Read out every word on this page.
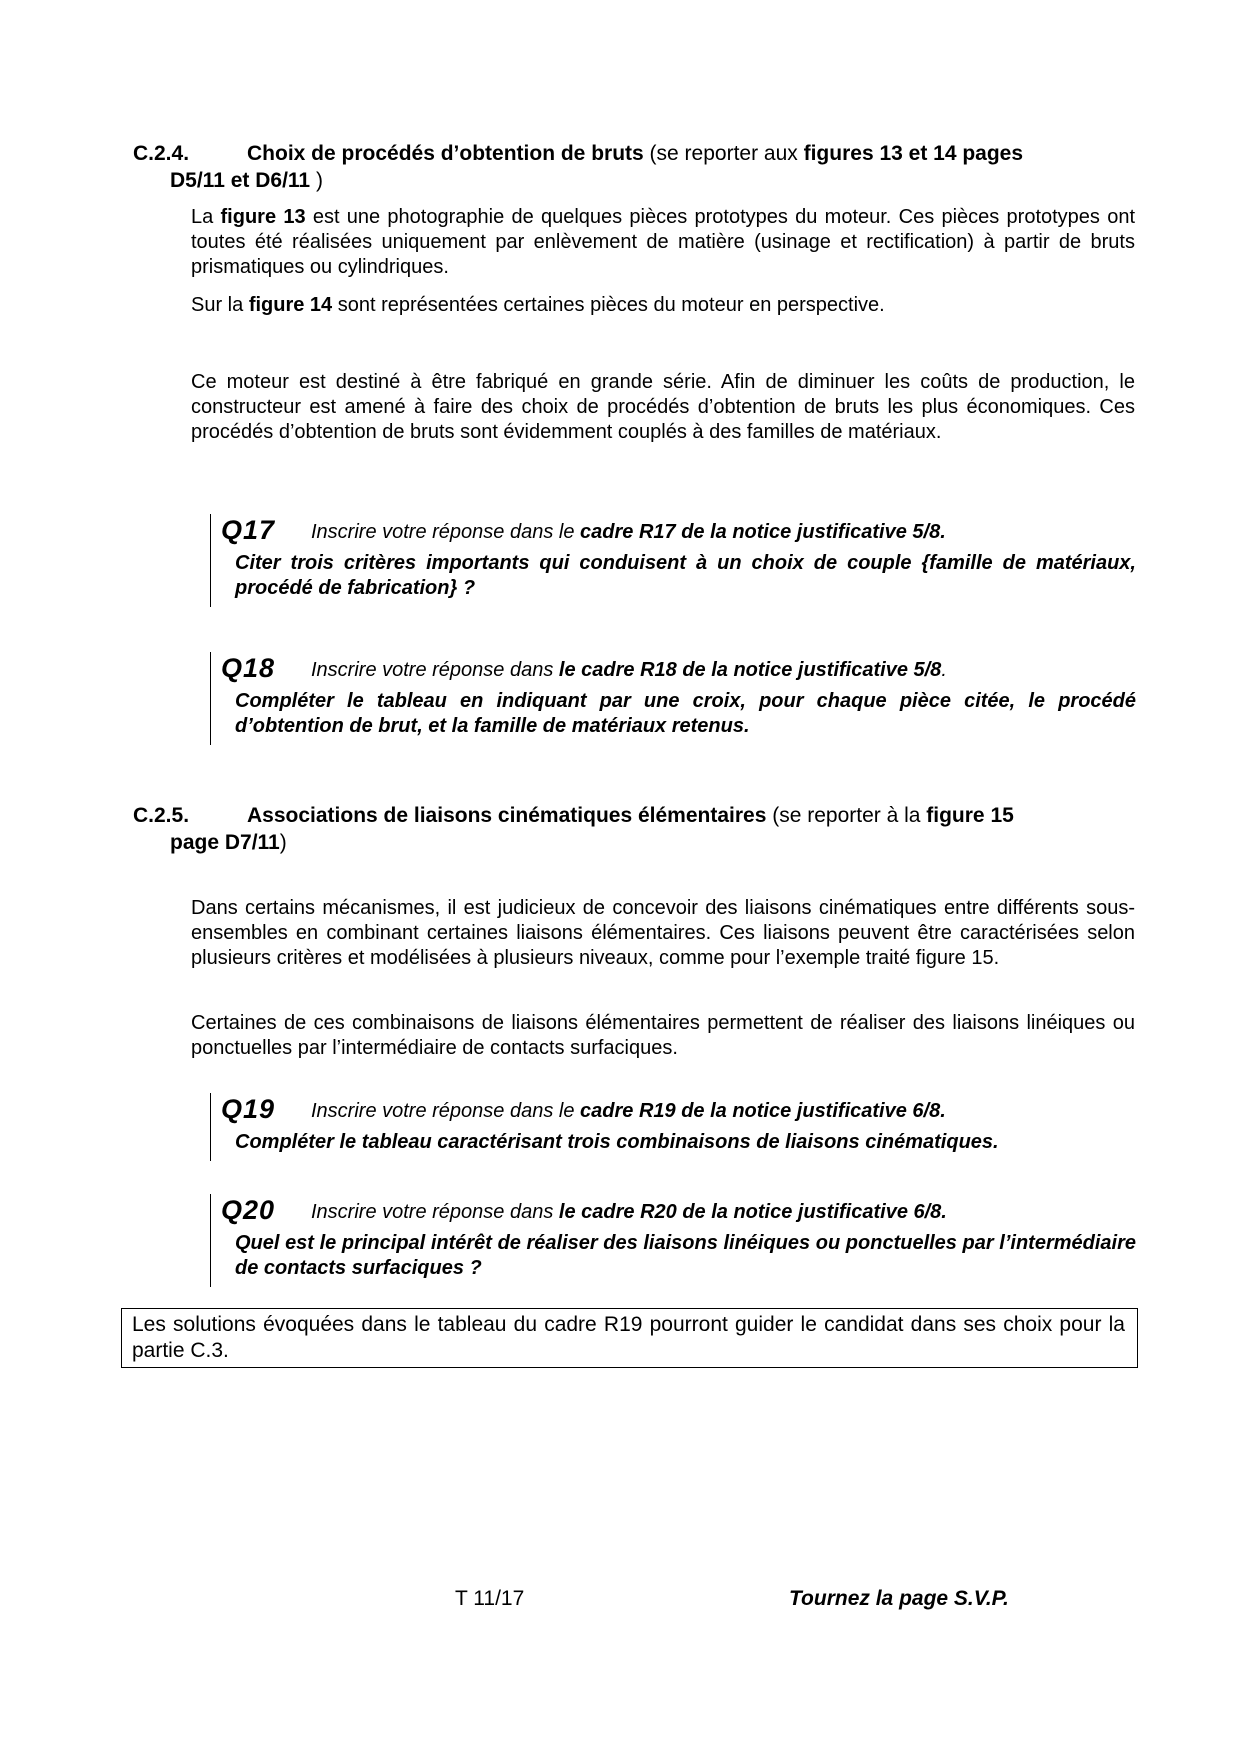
C.2.4.	Choix de procédés d’obtention de bruts (se reporter aux figures 13 et 14 pages
D5/11 et D6/11 )

La figure 13 est une photographie de quelques pièces prototypes du moteur. Ces pièces prototypes ont toutes été réalisées uniquement par enlèvement de matière (usinage et rectification) à partir de bruts prismatiques ou cylindriques.

Sur la figure 14 sont représentées certaines pièces du moteur en perspective.

Ce moteur est destiné à être fabriqué en grande série. Afin de diminuer les coûts de production, le constructeur est amené à faire des choix de procédés d’obtention de bruts les plus économiques. Ces procédés d’obtention de bruts sont évidemment couplés à des familles de matériaux.

Q17 Inscrire votre réponse dans le cadre R17 de la notice justificative 5/8.
Citer trois critères importants qui conduisent à un choix de couple {famille de matériaux, procédé de fabrication} ?
Q18 Inscrire votre réponse dans le cadre R18 de la notice justificative 5/8.
Compléter le tableau en indiquant par une croix, pour chaque pièce citée, le procédé d’obtention de brut, et la famille de matériaux retenus.
C.2.5.	Associations de liaisons cinématiques élémentaires (se reporter à la figure 15
page D7/11)

Dans certains mécanismes, il est judicieux de concevoir des liaisons cinématiques entre différents sous-ensembles en combinant certaines liaisons élémentaires. Ces liaisons peuvent être caractérisées selon plusieurs critères et modélisées à plusieurs niveaux, comme pour l’exemple traité figure 15.

Certaines de ces combinaisons de liaisons élémentaires permettent de réaliser des liaisons linéiques ou ponctuelles par l’intermédiaire de contacts surfaciques.

Q19 Inscrire votre réponse dans le cadre R19 de la notice justificative 6/8.
Compléter le tableau caractérisant trois combinaisons de liaisons cinématiques.
Q20 Inscrire votre réponse dans le cadre R20 de la notice justificative 6/8.
Quel est le principal intérêt de réaliser des liaisons linéiques ou ponctuelles par l’intermédiaire de contacts surfaciques ?
Les solutions évoquées dans le tableau du cadre R19 pourront guider le candidat dans ses choix pour la partie C.3.
T 11/17	Tournez la page S.V.P.
